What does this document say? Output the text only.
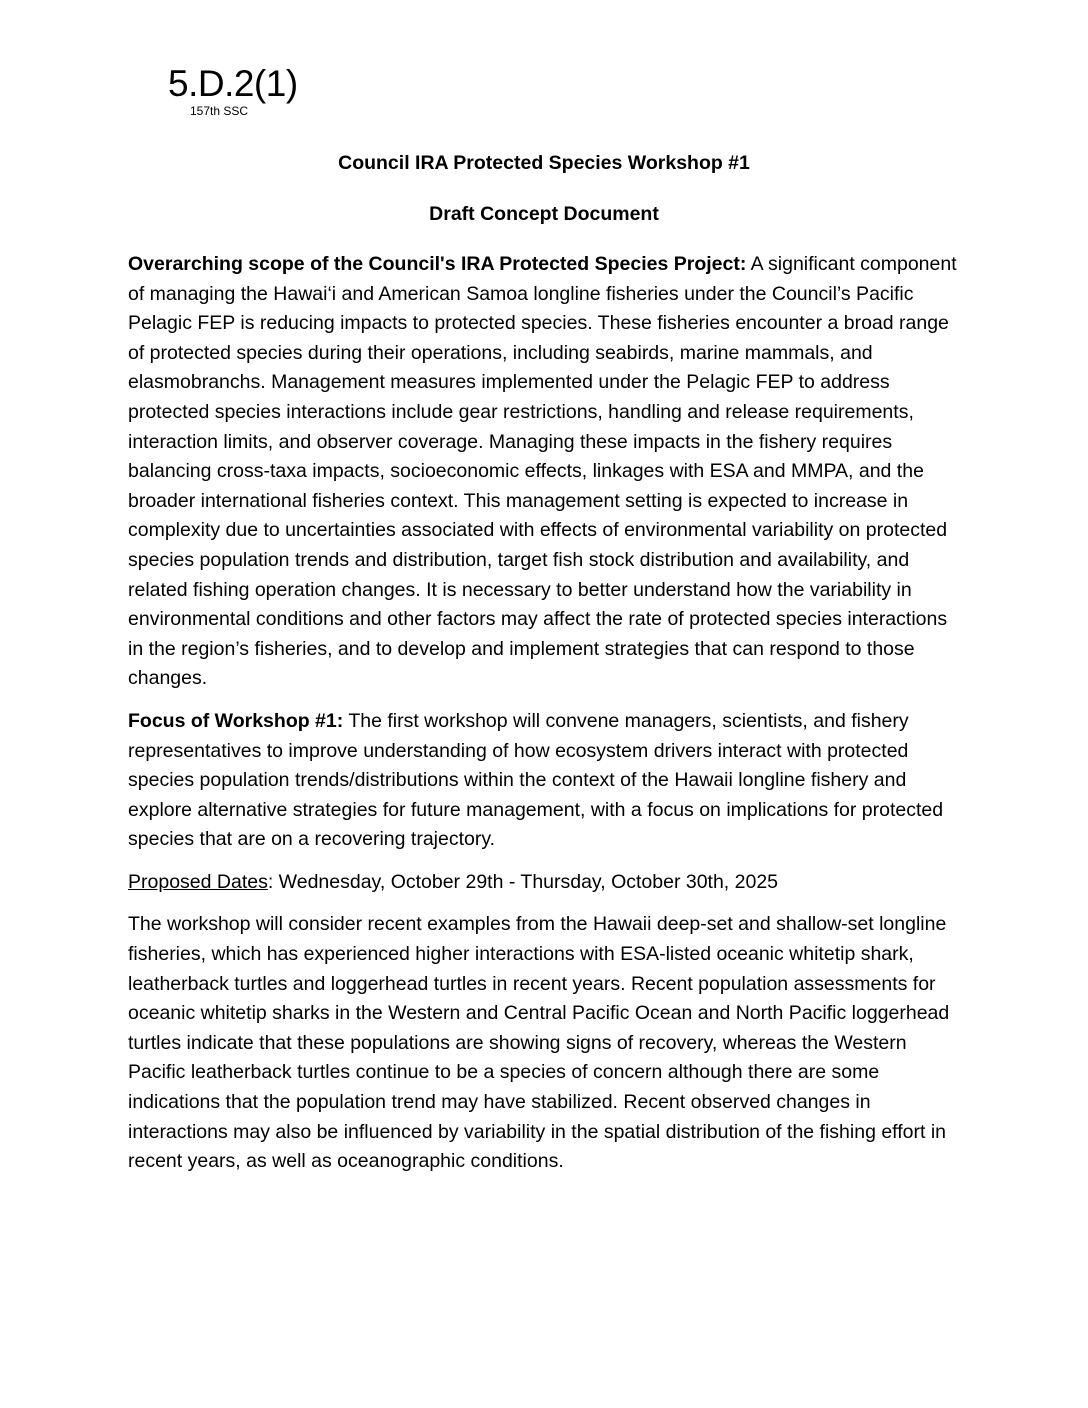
5.D.2(1)
157th SSC
Council IRA Protected Species Workshop #1
Draft Concept Document

Overarching scope of the Council's IRA Protected Species Project: A significant component of managing the Hawai‘i and American Samoa longline fisheries under the Council’s Pacific Pelagic FEP is reducing impacts to protected species. These fisheries encounter a broad range of protected species during their operations, including seabirds, marine mammals, and elasmobranchs. Management measures implemented under the Pelagic FEP to address protected species interactions include gear restrictions, handling and release requirements, interaction limits, and observer coverage. Managing these impacts in the fishery requires balancing cross-taxa impacts, socioeconomic effects, linkages with ESA and MMPA, and the broader international fisheries context. This management setting is expected to increase in complexity due to uncertainties associated with effects of environmental variability on protected species population trends and distribution, target fish stock distribution and availability, and related fishing operation changes. It is necessary to better understand how the variability in environmental conditions and other factors may affect the rate of protected species interactions in the region’s fisheries, and to develop and implement strategies that can respond to those changes.

Focus of Workshop #1: The first workshop will convene managers, scientists, and fishery representatives to improve understanding of how ecosystem drivers interact with protected species population trends/distributions within the context of the Hawaii longline fishery and explore alternative strategies for future management, with a focus on implications for protected species that are on a recovering trajectory.

Proposed Dates: Wednesday, October 29th - Thursday, October 30th, 2025

The workshop will consider recent examples from the Hawaii deep-set and shallow-set longline fisheries, which has experienced higher interactions with ESA-listed oceanic whitetip shark, leatherback turtles and loggerhead turtles in recent years. Recent population assessments for oceanic whitetip sharks in the Western and Central Pacific Ocean and North Pacific loggerhead turtles indicate that these populations are showing signs of recovery, whereas the Western Pacific leatherback turtles continue to be a species of concern although there are some indications that the population trend may have stabilized. Recent observed changes in interactions may also be influenced by variability in the spatial distribution of the fishing effort in recent years, as well as oceanographic conditions.
